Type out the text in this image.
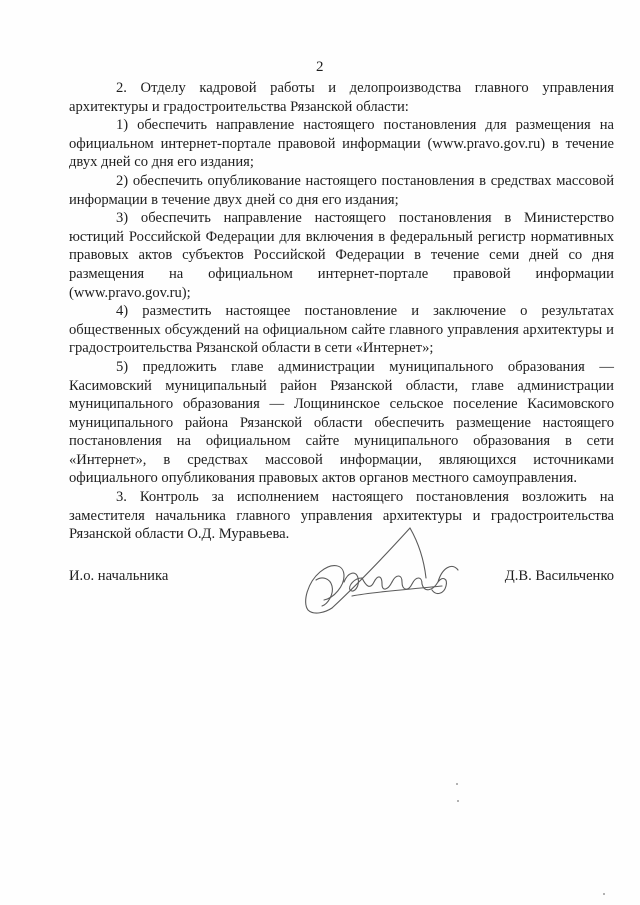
2

2. Отделу кадровой работы и делопроизводства главного управления архитектуры и градостроительства Рязанской области:

1) обеспечить направление настоящего постановления для размещения на официальном интернет-портале правовой информации (www.pravo.gov.ru) в течение двух дней со дня его издания;

2) обеспечить опубликование настоящего постановления в средствах массовой информации в течение двух дней со дня его издания;

3) обеспечить направление настоящего постановления в Министерство юстиций Российской Федерации для включения в федеральный регистр нормативных правовых актов субъектов Российской Федерации в течение семи дней со дня размещения на официальном интернет-портале правовой информации (www.pravo.gov.ru);

4) разместить настоящее постановление и заключение о результатах общественных обсуждений на официальном сайте главного управления архитектуры и градостроительства Рязанской области в сети «Интернет»;

5) предложить главе администрации муниципального образования — Касимовский муниципальный район Рязанской области, главе администрации муниципального образования — Лощининское сельское поселение Касимовского муниципального района Рязанской области обеспечить размещение настоящего постановления на официальном сайте муниципального образования в сети «Интернет», в средствах массовой информации, являющихся источниками официального опубликования правовых актов органов местного самоуправления.

3. Контроль за исполнением настоящего постановления возложить на заместителя начальника главного управления архитектуры и градостроительства Рязанской области О.Д. Муравьева.

И.о. начальника	Д.В. Васильченко
